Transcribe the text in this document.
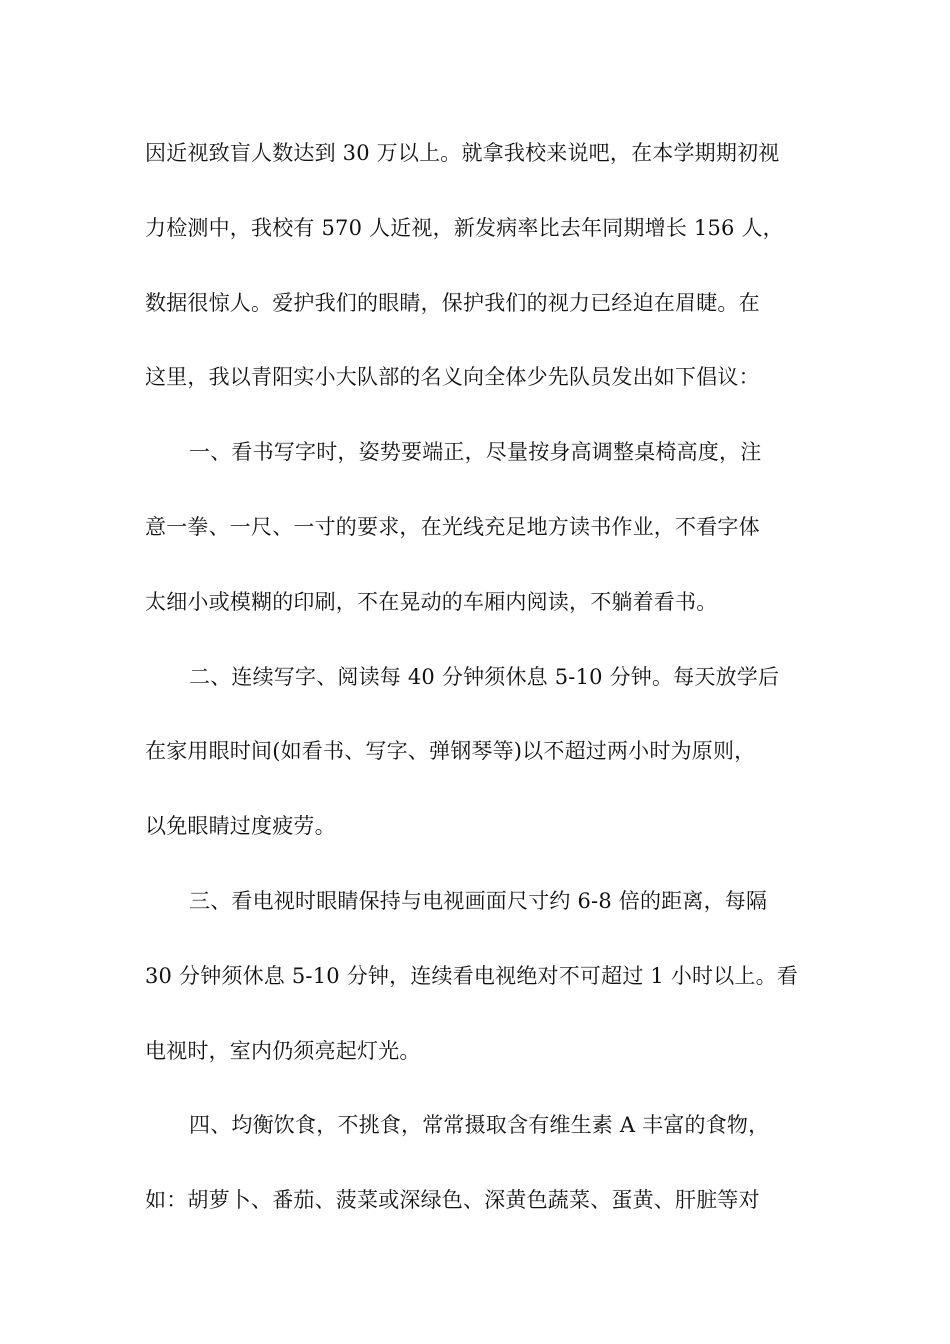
因近视致盲人数达到 30 万以上。就拿我校来说吧，在本学期期初视
力检测中，我校有 570 人近视，新发病率比去年同期增长 156 人，
数据很惊人。爱护我们的眼睛，保护我们的视力已经迫在眉睫。在
这里，我以青阳实小大队部的名义向全体少先队员发出如下倡议：
一、看书写字时，姿势要端正，尽量按身高调整桌椅高度，注
意一拳、一尺、一寸的要求，在光线充足地方读书作业，不看字体
太细小或模糊的印刷，不在晃动的车厢内阅读，不躺着看书。
二、连续写字、阅读每 40 分钟须休息 5-10 分钟。每天放学后
在家用眼时间(如看书、写字、弹钢琴等)以不超过两小时为原则，
以免眼睛过度疲劳。
三、看电视时眼睛保持与电视画面尺寸约 6-8 倍的距离，每隔
30 分钟须休息 5-10 分钟，连续看电视绝对不可超过 1 小时以上。看
电视时，室内仍须亮起灯光。
四、均衡饮食，不挑食，常常摄取含有维生素 A 丰富的食物，
如：胡萝卜、番茄、菠菜或深绿色、深黄色蔬菜、蛋黄、肝脏等对
